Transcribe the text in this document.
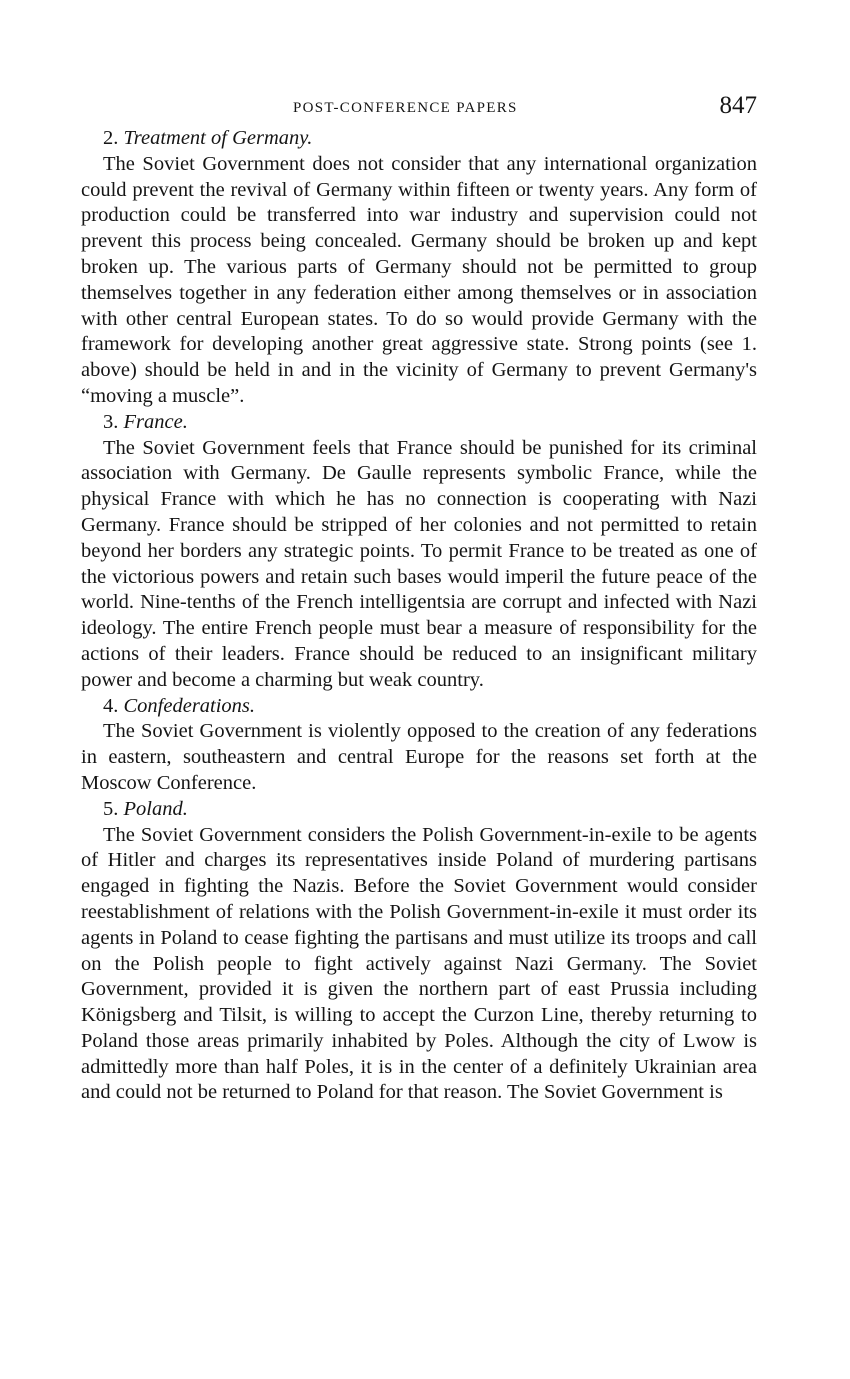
POST-CONFERENCE PAPERS	847
2. Treatment of Germany.

The Soviet Government does not consider that any international organization could prevent the revival of Germany within fifteen or twenty years. Any form of production could be transferred into war industry and supervision could not prevent this process being concealed. Germany should be broken up and kept broken up. The various parts of Germany should not be permitted to group themselves together in any federation either among themselves or in association with other central European states. To do so would provide Germany with the framework for developing another great aggressive state. Strong points (see 1. above) should be held in and in the vicinity of Germany to prevent Germany's “moving a muscle”.

3. France.

The Soviet Government feels that France should be punished for its criminal association with Germany. De Gaulle represents symbolic France, while the physical France with which he has no connection is cooperating with Nazi Germany. France should be stripped of her colonies and not permitted to retain beyond her borders any strategic points. To permit France to be treated as one of the victorious powers and retain such bases would imperil the future peace of the world. Nine-tenths of the French intelligentsia are corrupt and infected with Nazi ideology. The entire French people must bear a measure of responsibility for the actions of their leaders. France should be reduced to an insignificant military power and become a charming but weak country.

4. Confederations.

The Soviet Government is violently opposed to the creation of any federations in eastern, southeastern and central Europe for the reasons set forth at the Moscow Conference.

5. Poland.

The Soviet Government considers the Polish Government-in-exile to be agents of Hitler and charges its representatives inside Poland of murdering partisans engaged in fighting the Nazis. Before the Soviet Government would consider reestablishment of relations with the Polish Government-in-exile it must order its agents in Poland to cease fighting the partisans and must utilize its troops and call on the Polish people to fight actively against Nazi Germany. The Soviet Government, provided it is given the northern part of east Prussia including Königsberg and Tilsit, is willing to accept the Curzon Line, thereby returning to Poland those areas primarily inhabited by Poles. Although the city of Lwow is admittedly more than half Poles, it is in the center of a definitely Ukrainian area and could not be returned to Poland for that reason. The Soviet Government is
